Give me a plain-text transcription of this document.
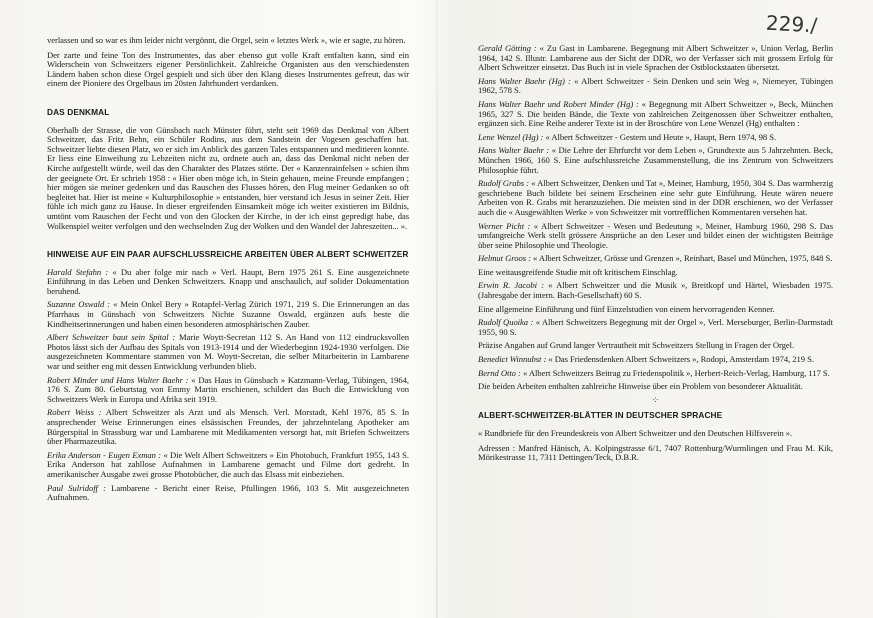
229./

verlassen und so war es ihm leider nicht vergönnt, die Orgel, sein « letztes Werk », wie er sagte, zu hören.

Der zarte und feine Ton des Instrumentes, das aber ebenso gut volle Kraft entfalten kann, sind ein Widerschein von Schweitzers eigener Persönlichkeit. Zahlreiche Organisten aus den verschiedensten Ländern haben schon diese Orgel gespielt und sich über den Klang dieses Instrumentes gefreut, das wir einem der Pioniere des Orgelbaus im 20sten Jahrhundert verdanken.

DAS DENKMAL

Oberhalb der Strasse, die von Günsbach nach Münster führt, steht seit 1969 das Denkmal von Albert Schweitzer, das Fritz Behn, ein Schüler Rodins, aus dem Sandstein der Vogesen geschaffen hat. Schweitzer liebte diesen Platz, wo er sich im Anblick des ganzen Tales entspannen und meditieren konnte. Er liess eine Einweihung zu Lebzeiten nicht zu, ordnete auch an, dass das Denkmal nicht neben der Kirche aufgestellt würde, weil das den Charakter des Platzes störte. Der « Kanzenrainfelsen » schien ihm der geeignete Ort. Er schrieb 1958 : « Hier oben möge ich, in Stein gehauen, meine Freunde empfangen ; hier mögen sie meiner gedenken und das Rauschen des Flusses hören, den Flug meiner Gedanken so oft begleitet hat. Hier ist meine « Kulturphilosophie » entstanden, hier verstand ich Jesus in seiner Zeit. Hier fühle ich mich ganz zu Hause. In dieser ergreifenden Einsamkeit möge ich weiter existieren im Bildnis, umtönt vom Rauschen der Fecht und von den Glocken der Kirche, in der ich einst gepredigt habe, das Wolkenspiel weiter verfolgen und den wechselnden Zug der Wolken und den Wandel der Jahreszeiten... ».

HINWEISE AUF EIN PAAR AUFSCHLUSSREICHE ARBEITEN ÜBER ALBERT SCHWEITZER

Harald Stefahn : « Du aber folge mir nach » Verl. Haupt, Bern 1975 261 S. Eine ausgezeichnete Einführung in das Leben und Denken Schweitzers. Knapp und anschaulich, auf solider Dokumentation beruhend.

Suzanne Oswald : « Mein Onkel Bery » Rotapfel-Verlag Zürich 1971, 219 S. Die Erinnerungen an das Pfarrhaus in Günsbach von Schweitzers Nichte Suzanne Oswald, ergänzen aufs beste die Kindheitserinnerungen und haben einen besonderen atmosphärischen Zauber.

Albert Schweitzer baut sein Spital : Marie Woytt-Secretan 112 S. An Hand von 112 eindrucksvollen Photos lässt sich der Aufbau des Spitals von 1913-1914 und der Wiederbeginn 1924-1930 verfolgen. Die ausgezeichneten Kommentare stammen von M. Woytt-Secretan, die selber Mitarbeiterin in Lambarene war und seither eng mit dessen Entwicklung verbunden blieb.

Robert Minder und Hans Walter Baehr : « Das Haus in Günsbach » Katzmann-Verlag, Tübingen, 1964, 176 S. Zum 80. Geburtstag von Emmy Martin erschienen, schildert das Buch die Entwicklung von Schweitzers Werk in Europa und Afrika seit 1919.

Robert Weiss : Albert Schweitzer als Arzt und als Mensch. Verl. Morstadt, Kehl 1976, 85 S. In ansprechender Weise Erinnerungen eines elsässischen Freundes, der jahrzehntelang Apotheker am Bürgerspital in Strassburg war und Lambarene mit Medikamenten versorgt hat, mit Briefen Schweitzers über Pharmazeutika.

Erika Anderson - Eugen Exman : « Die Welt Albert Schweitzers » Ein Photobuch, Frankfurt 1955, 143 S. Erika Anderson hat zahllose Aufnahmen in Lambarene gemacht und Filme dort gedreht. In amerikanischer Ausgabe zwei grosse Photobücher, die auch das Elsass mit einbeziehen.

Paul Sulridoff : Lambarene - Bericht einer Reise, Pfullingen 1966, 103 S. Mit ausgezeichneten Aufnahmen.

Gerald Götting : « Zu Gast in Lambarene. Begegnung mit Albert Schweitzer », Union Verlag, Berlin 1964, 142 S. Illustr. Lambarene aus der Sicht der DDR, wo der Verfasser sich mit grossem Erfolg für Albert Schweitzer einsetzt. Das Buch ist in viele Sprachen der Ostblockstaaten übersetzt.

Hans Walter Baehr (Hg) : « Albert Schweitzer - Sein Denken und sein Weg », Niemeyer, Tübingen 1962, 578 S.

Hans Walter Baehr und Robert Minder (Hg) : « Begegnung mit Albert Schweitzer », Beck, München 1965, 327 S. Die beiden Bände, die Texte von zahlreichen Zeitgenossen über Schweitzer enthalten, ergänzen sich. Eine Reihe anderer Texte ist in der Broschüre von Lene Wenzel (Hg) enthalten :

Lene Wenzel (Hg) : « Albert Schweitzer - Gestern und Heute », Haupt, Bern 1974, 98 S.

Hans Walter Baehr : « Die Lehre der Ehrfurcht vor dem Leben », Grundtexte aus 5 Jahrzehnten. Beck, München 1966, 160 S. Eine aufschlussreiche Zusammenstellung, die ins Zentrum von Schweitzers Philosophie führt.

Rudolf Grabs : « Albert Schweitzer, Denken und Tat », Meiner, Hamburg, 1950, 304 S. Das warmherzig geschriebene Buch bildete bei seinem Erscheinen eine sehr gute Einführung. Heute wären neuere Arbeiten von R. Grabs mit heranzuziehen. Die meisten sind in der DDR erschienen, wo der Verfasser auch die « Ausgewählten Werke » von Schweitzer mit vortrefflichen Kommentaren versehen hat.

Werner Picht : « Albert Schweitzer - Wesen und Bedeutung », Meiner, Hamburg 1960, 298 S. Das umfangreiche Werk stellt grössere Ansprüche an den Leser und bildet einen der wichtigsten Beiträge über seine Philosophie und Theologie.

Helmut Groos : « Albert Schweitzer, Grösse und Grenzen », Reinhart, Basel und München, 1975, 848 S.

Eine weitausgreifende Studie mit oft kritischem Einschlag.

Erwin R. Jacobi : « Albert Schweitzer und die Musik », Breitkopf und Härtel, Wiesbaden 1975. (Jahresgabe der intern. Bach-Gesellschaft) 60 S.

Eine allgemeine Einführung und fünf Einzelstudien von einem hervorragenden Kenner.

Rudolf Quoika : « Albert Schweitzers Begegnung mit der Orgel », Verl. Merseburger, Berlin-Darmstadt 1955, 90 S.

Präzise Angaben auf Grund langer Vertrautheit mit Schweitzers Stellung in Fragen der Orgel.

Benedict Winnubst : « Das Friedensdenken Albert Schweitzers », Rodopi, Amsterdam 1974, 219 S.

Bernd Otto : « Albert Schweitzers Beitrag zu Friedenspolitik », Herbert-Reich-Verlag, Hamburg, 117 S.

Die beiden Arbeiten enthalten zahlreiche Hinweise über ein Problem von besonderer Aktualität.

⁘
ALBERT-SCHWEITZER-BLÄTTER IN DEUTSCHER SPRACHE

« Rundbriefe für den Freundeskreis von Albert Schweitzer und den Deutschen Hilfsverein ».

Adressen : Manfred Hänisch, A. Kolpingstrasse 6/1, 7407 Rottenburg/Wurmlingen und Frau M. Kik, Mörikestrasse 11, 7311 Dettingen/Teck, D.B.R.
